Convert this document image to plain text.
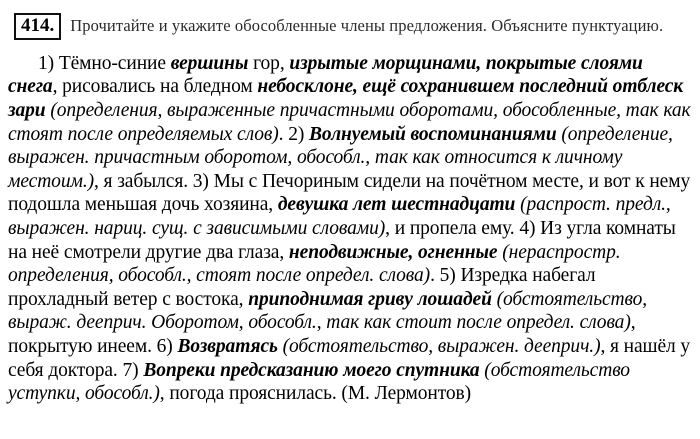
414. Прочитайте и укажите обособленные члены предложения. Объясните пунктуацию.

1) Тёмно-синие вершины гор, изрытые морщинами, покрытые слоями снега, рисовались на бледном небосклоне, ещё сохранившем последний отблеск зари (определения, выраженные причастными оборотами, обособленные, так как стоят после определяемых слов). 2) Волнуемый воспоминаниями (определение, выражен. причастным оборотом, обособл., так как относится к личному местоим.), я забылся. 3) Мы с Печориным сидели на почётном месте, и вот к нему подошла меньшая дочь хозяина, девушка лет шестнадцати (распрост. предл., выражен. нариц. сущ. с зависимыми словами), и пропела ему. 4) Из угла комнаты на неё смотрели другие два глаза, неподвижные, огненные (нераспростр. определения, обособл., стоят после определ. слова). 5) Изредка набегал прохладный ветер с востока, приподнимая гриву лошадей (обстоятельство, выраж. дееприч. Оборотом, обособл., так как стоит после определ. слова), покрытую инеем. 6) Возвратясь (обстоятельство, выражен. дееприч.), я нашёл у себя доктора. 7) Вопреки предсказанию моего спутника (обстоятельство уступки, обособл.), погода прояснилась. (М. Лермонтов)
